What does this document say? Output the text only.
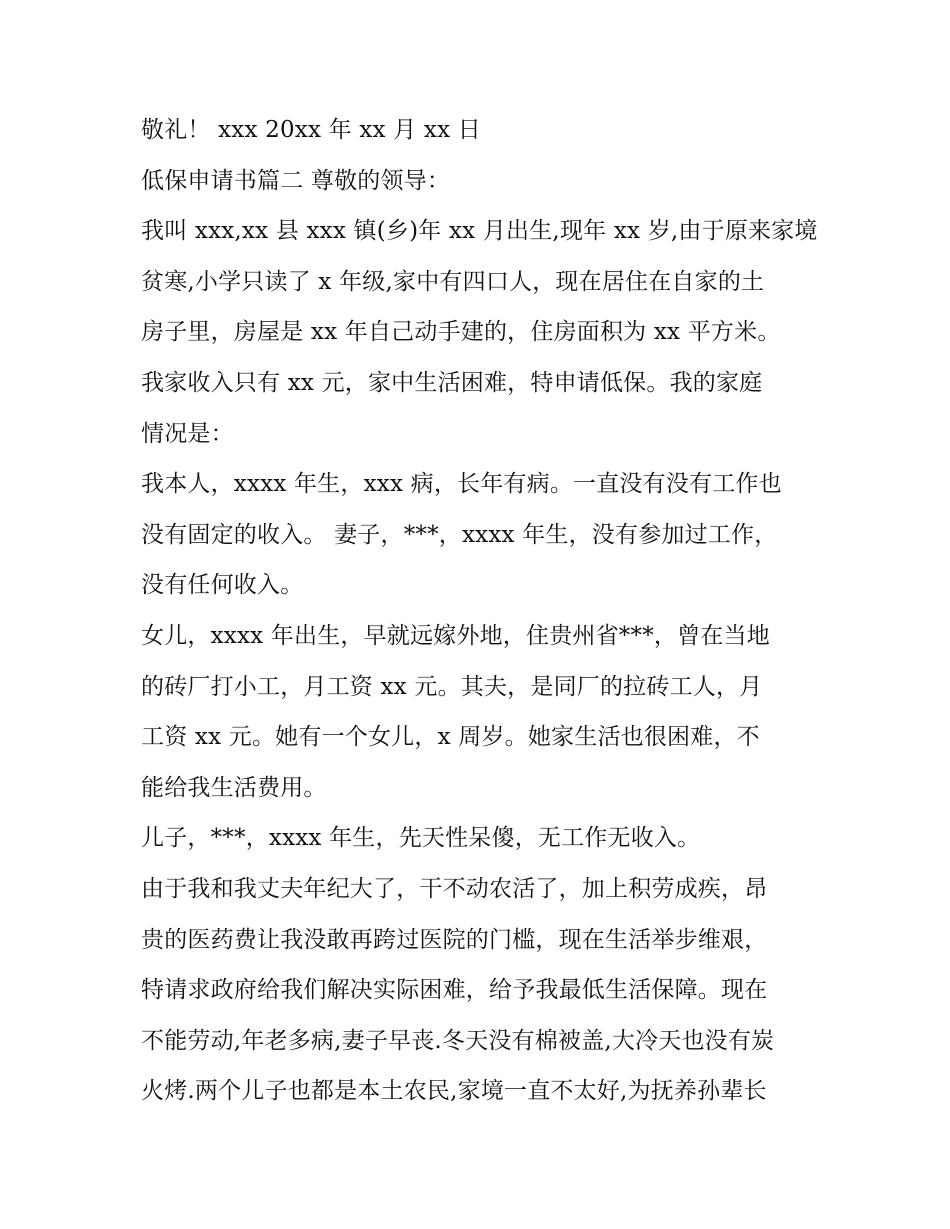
敬礼！ xxx 20xx 年 xx 月 xx 日
低保申请书篇二 尊敬的领导：
我叫 xxx,xx 县 xxx 镇(乡)年 xx 月出生,现年 xx 岁,由于原来家境
贫寒,小学只读了 x 年级,家中有四口人，现在居住在自家的土
房子里，房屋是 xx 年自己动手建的，住房面积为 xx 平方米。
我家收入只有 xx 元，家中生活困难，特申请低保。我的家庭
情况是：
我本人，xxxx 年生，xxx 病，长年有病。一直没有没有工作也
没有固定的收入。 妻子，***，xxxx 年生，没有参加过工作，
没有任何收入。
女儿，xxxx 年出生，早就远嫁外地，住贵州省***，曾在当地
的砖厂打小工，月工资 xx 元。其夫，是同厂的拉砖工人，月
工资 xx 元。她有一个女儿，x 周岁。她家生活也很困难，不
能给我生活费用。
儿子，***，xxxx 年生，先天性呆傻，无工作无收入。
由于我和我丈夫年纪大了，干不动农活了，加上积劳成疾，昂
贵的医药费让我没敢再跨过医院的门槛，现在生活举步维艰，
特请求政府给我们解决实际困难，给予我最低生活保障。现在
不能劳动,年老多病,妻子早丧.冬天没有棉被盖,大冷天也没有炭
火烤.两个儿子也都是本土农民,家境一直不太好,为抚养孙辈长
